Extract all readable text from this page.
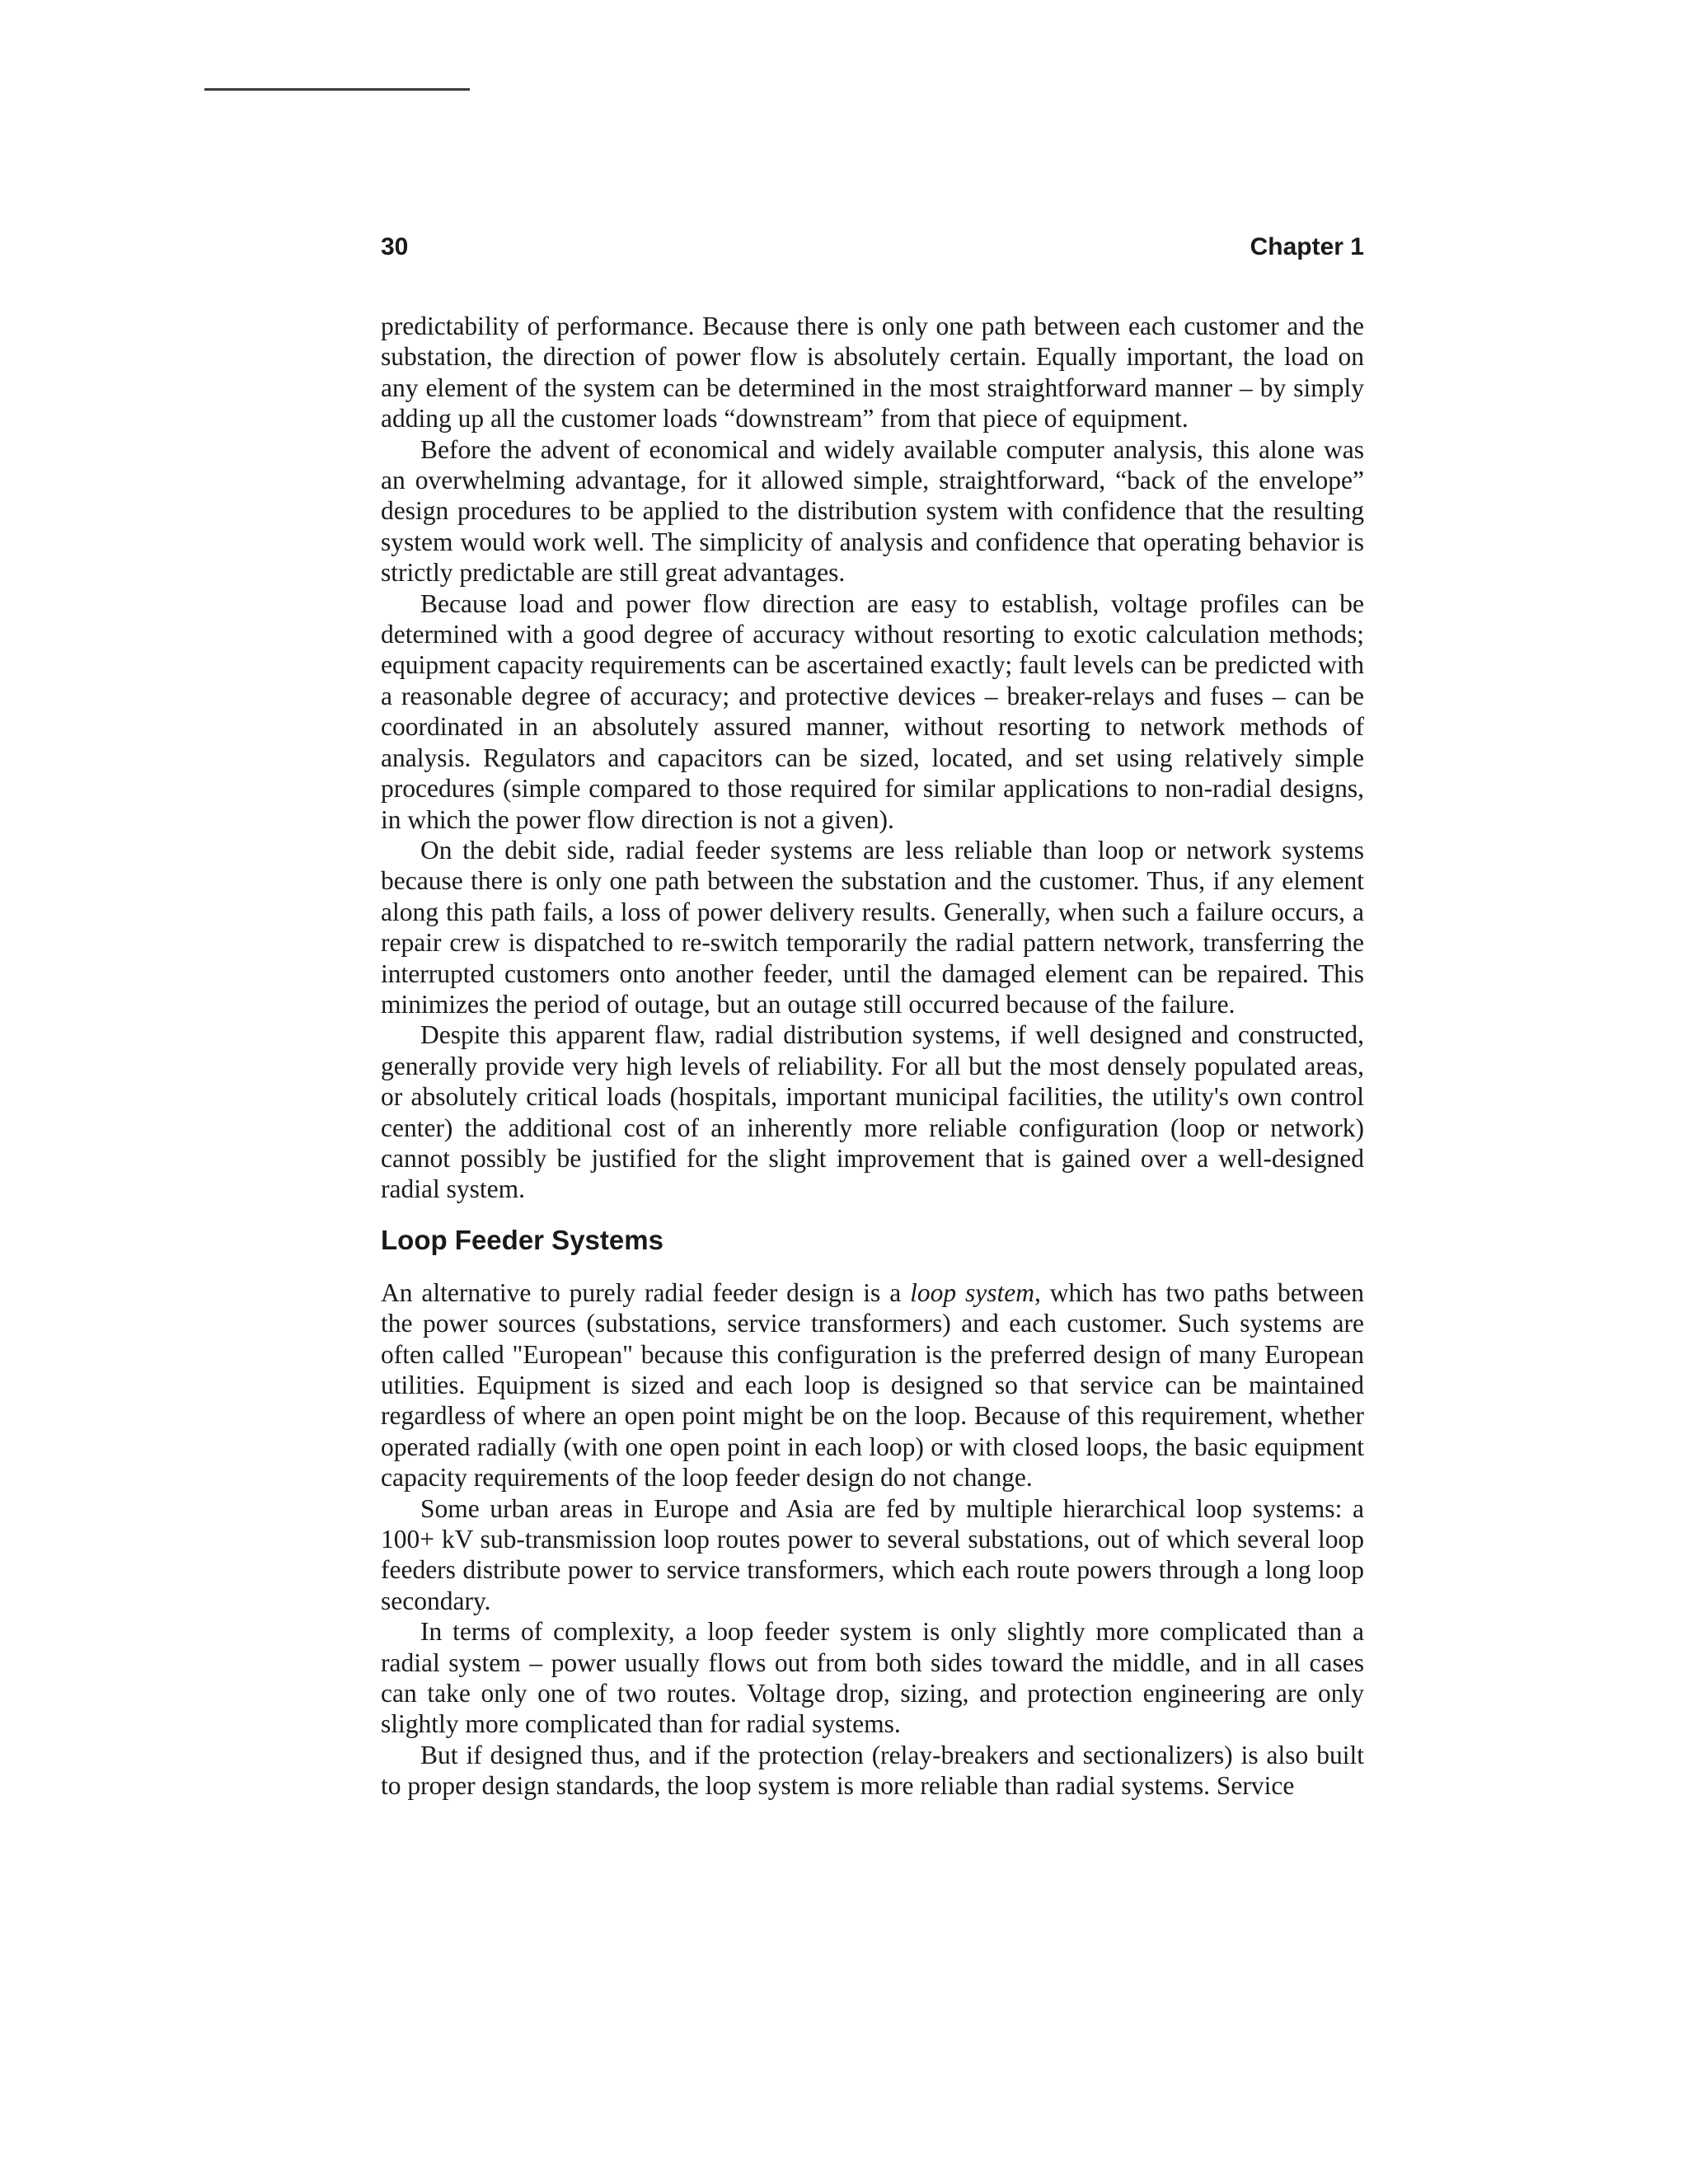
30	Chapter 1

predictability of performance. Because there is only one path between each customer and the substation, the direction of power flow is absolutely certain. Equally important, the load on any element of the system can be determined in the most straightforward manner – by simply adding up all the customer loads “downstream” from that piece of equipment.

Before the advent of economical and widely available computer analysis, this alone was an overwhelming advantage, for it allowed simple, straightforward, “back of the envelope” design procedures to be applied to the distribution system with confidence that the resulting system would work well. The simplicity of analysis and confidence that operating behavior is strictly predictable are still great advantages.

Because load and power flow direction are easy to establish, voltage profiles can be determined with a good degree of accuracy without resorting to exotic calculation methods; equipment capacity requirements can be ascertained exactly; fault levels can be predicted with a reasonable degree of accuracy; and protective devices – breaker-relays and fuses – can be coordinated in an absolutely assured manner, without resorting to network methods of analysis. Regulators and capacitors can be sized, located, and set using relatively simple procedures (simple compared to those required for similar applications to non-radial designs, in which the power flow direction is not a given).

On the debit side, radial feeder systems are less reliable than loop or network systems because there is only one path between the substation and the customer. Thus, if any element along this path fails, a loss of power delivery results. Generally, when such a failure occurs, a repair crew is dispatched to re-switch temporarily the radial pattern network, transferring the interrupted customers onto another feeder, until the damaged element can be repaired. This minimizes the period of outage, but an outage still occurred because of the failure.

Despite this apparent flaw, radial distribution systems, if well designed and constructed, generally provide very high levels of reliability. For all but the most densely populated areas, or absolutely critical loads (hospitals, important municipal facilities, the utility's own control center) the additional cost of an inherently more reliable configuration (loop or network) cannot possibly be justified for the slight improvement that is gained over a well-designed radial system.

Loop Feeder Systems

An alternative to purely radial feeder design is a loop system, which has two paths between the power sources (substations, service transformers) and each customer. Such systems are often called "European" because this configuration is the preferred design of many European utilities. Equipment is sized and each loop is designed so that service can be maintained regardless of where an open point might be on the loop. Because of this requirement, whether operated radially (with one open point in each loop) or with closed loops, the basic equipment capacity requirements of the loop feeder design do not change.

Some urban areas in Europe and Asia are fed by multiple hierarchical loop systems: a 100+ kV sub-transmission loop routes power to several substations, out of which several loop feeders distribute power to service transformers, which each route powers through a long loop secondary.

In terms of complexity, a loop feeder system is only slightly more complicated than a radial system – power usually flows out from both sides toward the middle, and in all cases can take only one of two routes. Voltage drop, sizing, and protection engineering are only slightly more complicated than for radial systems.

But if designed thus, and if the protection (relay-breakers and sectionalizers) is also built to proper design standards, the loop system is more reliable than radial systems. Service
